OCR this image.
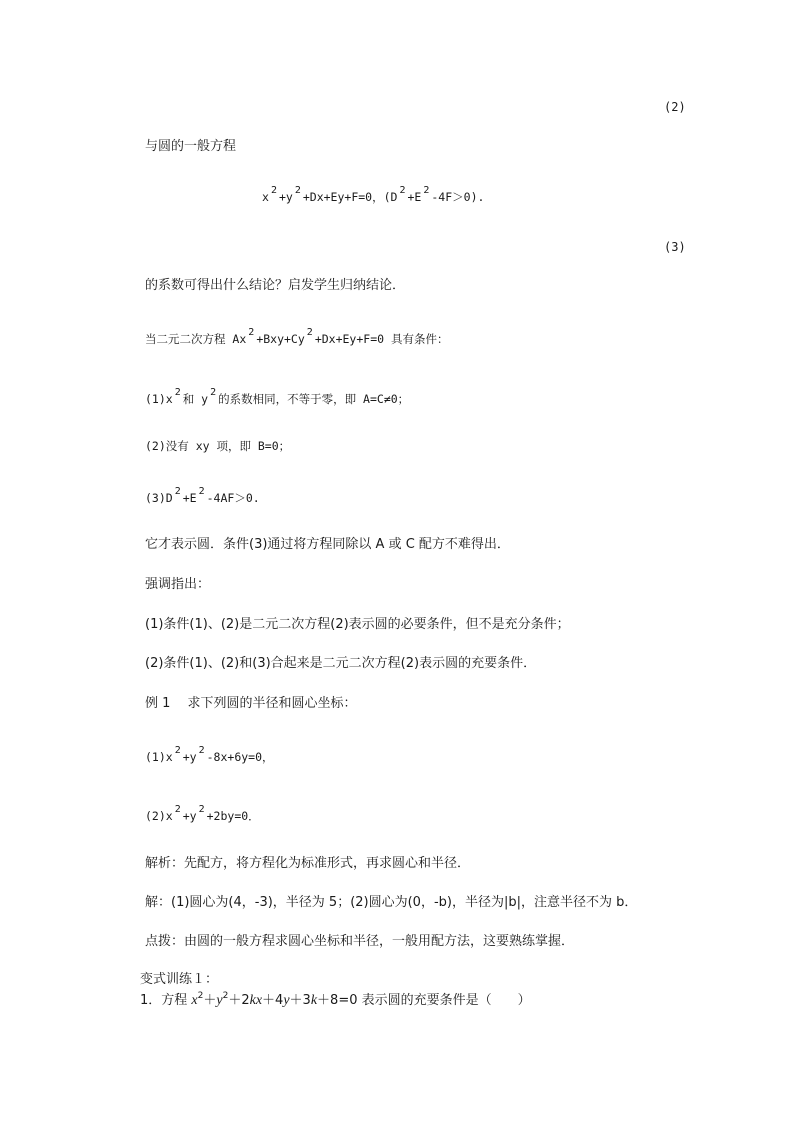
(2)
与圆的一般方程
x 2 +y 2 +Dx+Ey+F=0，(D 2 +E 2 -4F＞0).
(3)
的系数可得出什么结论？启发学生归纳结论．
当二元二次方程 Ax 2 +Bxy+Cy 2 +Dx+Ey+F=0 具有条件：
(1)x 2 和 y 2 的系数相同，不等于零，即 A=C≠0；
(2)没有 xy 项，即 B=0；
(3)D 2 +E 2 -4AF＞0.
它才表示圆．条件(3)通过将方程同除以 A 或 C 配方不难得出．
强调指出：
(1)条件(1)、(2)是二元二次方程(2)表示圆的必要条件，但不是充分条件；
(2)条件(1)、(2)和(3)合起来是二元二次方程(2)表示圆的充要条件．
例 1　 求下列圆的半径和圆心坐标：
(1)x 2 +y 2 -8x+6y=0，
(2)x 2 +y 2 +2by=0．
解析：先配方，将方程化为标准形式，再求圆心和半径．
解：(1)圆心为(4，-3)，半径为 5；(2)圆心为(0，-b)，半径为|b|，注意半径不为 b．
点拨：由圆的一般方程求圆心坐标和半径，一般用配方法，这要熟练掌握．
变式训练１：
1．方程 $x^2+y^2+2kx+4y+3k+8=0$ 表示圆的充要条件是（　　）
